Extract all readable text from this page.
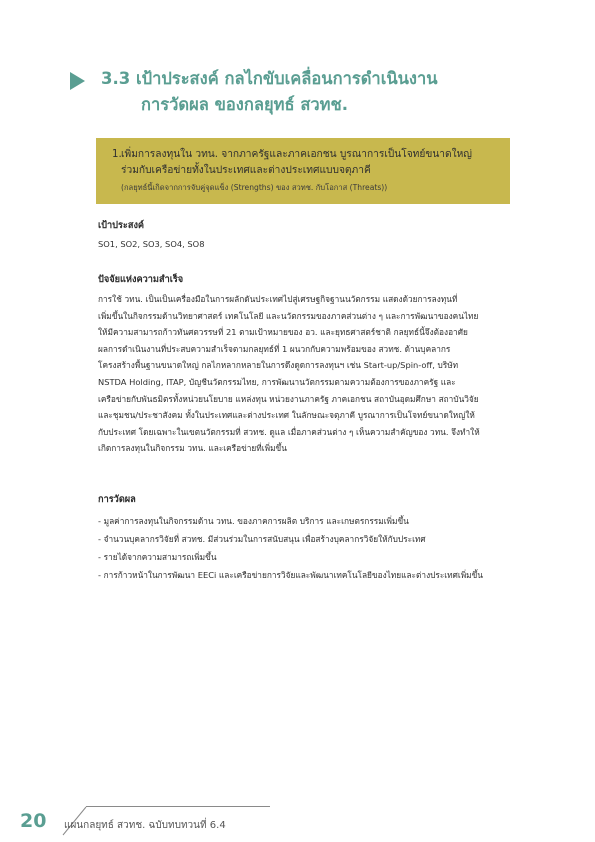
3.3 เป้าประสงค์ กลไกขับเคลื่อนการดำเนินงาน
การวัดผล ของกลยุทธ์ สวทช.
1. เพิ่มการลงทุนใน วทน. จากภาครัฐและภาคเอกชน บูรณาการเป็นโจทย์ขนาดใหญ่
ร่วมกับเครือข่ายทั้งในประเทศและต่างประเทศแบบจตุภาคี
(กลยุทธ์นี้เกิดจากการจับคู่จุดแข็ง (Strengths) ของ สวทช. กับโอกาส (Threats))
เป้าประสงค์
SO1, SO2, SO3, SO4, SO8
ปัจจัยแห่งความสำเร็จ
การใช้ วทน. เป็นเป็นเครื่องมือในการผลักดันประเทศไปสู่เศรษฐกิจฐานนวัตกรรม แสดงด้วยการลงทุนที่
เพิ่มขึ้นในกิจกรรมด้านวิทยาศาสตร์ เทคโนโลยี และนวัตกรรมของภาคส่วนต่าง ๆ และการพัฒนาของคนไทย
ให้มีความสามารถก้าวทันศตวรรษที่ 21 ตามเป้าหมายของ อว. และยุทธศาสตร์ชาติ กลยุทธ์นี้จึงต้องอาศัย
ผลการดำเนินงานที่ประสบความสำเร็จตามกลยุทธ์ที่ 1 ผนวกกับความพร้อมของ สวทช. ด้านบุคลากร
โครงสร้างพื้นฐานขนาดใหญ่ กลไกหลากหลายในการดึงดูดการลงทุนฯ เช่น Start-up/Spin-off, บริษัท
NSTDA Holding, ITAP, บัญชีนวัตกรรมไทย, การพัฒนานวัตกรรมตามความต้องการของภาครัฐ และ
เครือข่ายกับพันธมิตรทั้งหน่วยนโยบาย แหล่งทุน หน่วยงานภาครัฐ ภาคเอกชน สถาบันอุดมศึกษา สถาบันวิจัย
และชุมชน/ประชาสังคม ทั้งในประเทศและต่างประเทศ ในลักษณะจตุภาคี บูรณาการเป็นโจทย์ขนาดใหญ่ให้
กับประเทศ โดยเฉพาะในเขตนวัตกรรมที่ สวทช. ดูแล เมื่อภาคส่วนต่าง ๆ เห็นความสำคัญของ วทน. จึงทำให้
เกิดการลงทุนในกิจกรรม วทน. และเครือข่ายที่เพิ่มขึ้น
การวัดผล
- มูลค่าการลงทุนในกิจกรรมด้าน วทน. ของภาคการผลิต บริการ และเกษตรกรรมเพิ่มขึ้น
- จำนวนบุคลากรวิจัยที่ สวทช. มีส่วนร่วมในการสนับสนุน เพื่อสร้างบุคลากรวิจัยให้กับประเทศ
- รายได้จากความสามารถเพิ่มขึ้น
- การก้าวหน้าในการพัฒนา EECi และเครือข่ายการวิจัยและพัฒนาเทคโนโลยีของไทยและต่างประเทศเพิ่มขึ้น
20 แผนกลยุทธ์ สวทช. ฉบับทบทวนที่ 6.4
